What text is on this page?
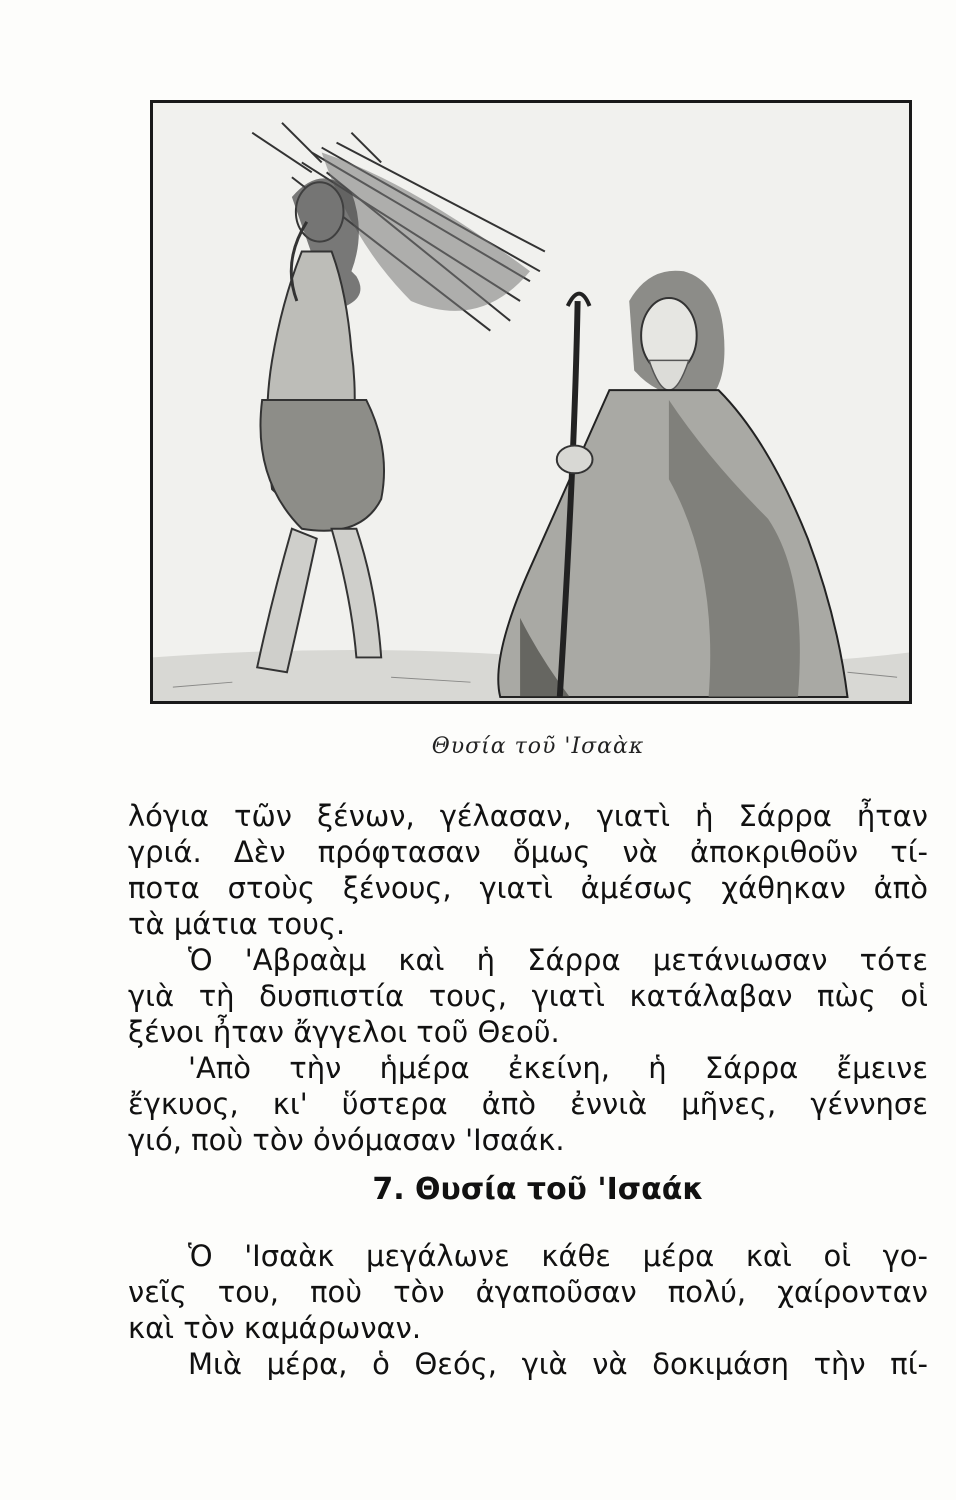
Θυσία τοῦ 'Ισαὰκ
λόγια τῶν ξένων, γέλασαν, γιατὶ ἡ Σάρρα ἦταν
γριά. Δὲν πρόφτασαν ὅμως νὰ ἀποκριθοῦν τί-
ποτα στοὺς ξένους, γιατὶ ἀμέσως χάθηκαν ἀπὸ
τὰ μάτια τους.
Ὁ 'Αβραὰμ καὶ ἡ Σάρρα μετάνιωσαν τότε
γιὰ τὴ δυσπιστία τους, γιατὶ κατάλαβαν πὼς οἱ
ξένοι ἦταν ἄγγελοι τοῦ Θεοῦ.
'Απὸ τὴν ἡμέρα ἐκείνη, ἡ Σάρρα ἔμεινε
ἔγκυος, κι' ὕστερα ἀπὸ ἐννιὰ μῆνες, γέννησε
γιό, ποὺ τὸν ὀνόμασαν 'Ισαάκ.
7. Θυσία τοῦ 'Ισαάκ
Ὁ 'Ισαὰκ μεγάλωνε κάθε μέρα καὶ οἱ γο-
νεῖς του, ποὺ τὸν ἀγαποῦσαν πολύ, χαίρονταν
καὶ τὸν καμάρωναν.
Μιὰ μέρα, ὁ Θεός, γιὰ νὰ δοκιμάση τὴν πί-
